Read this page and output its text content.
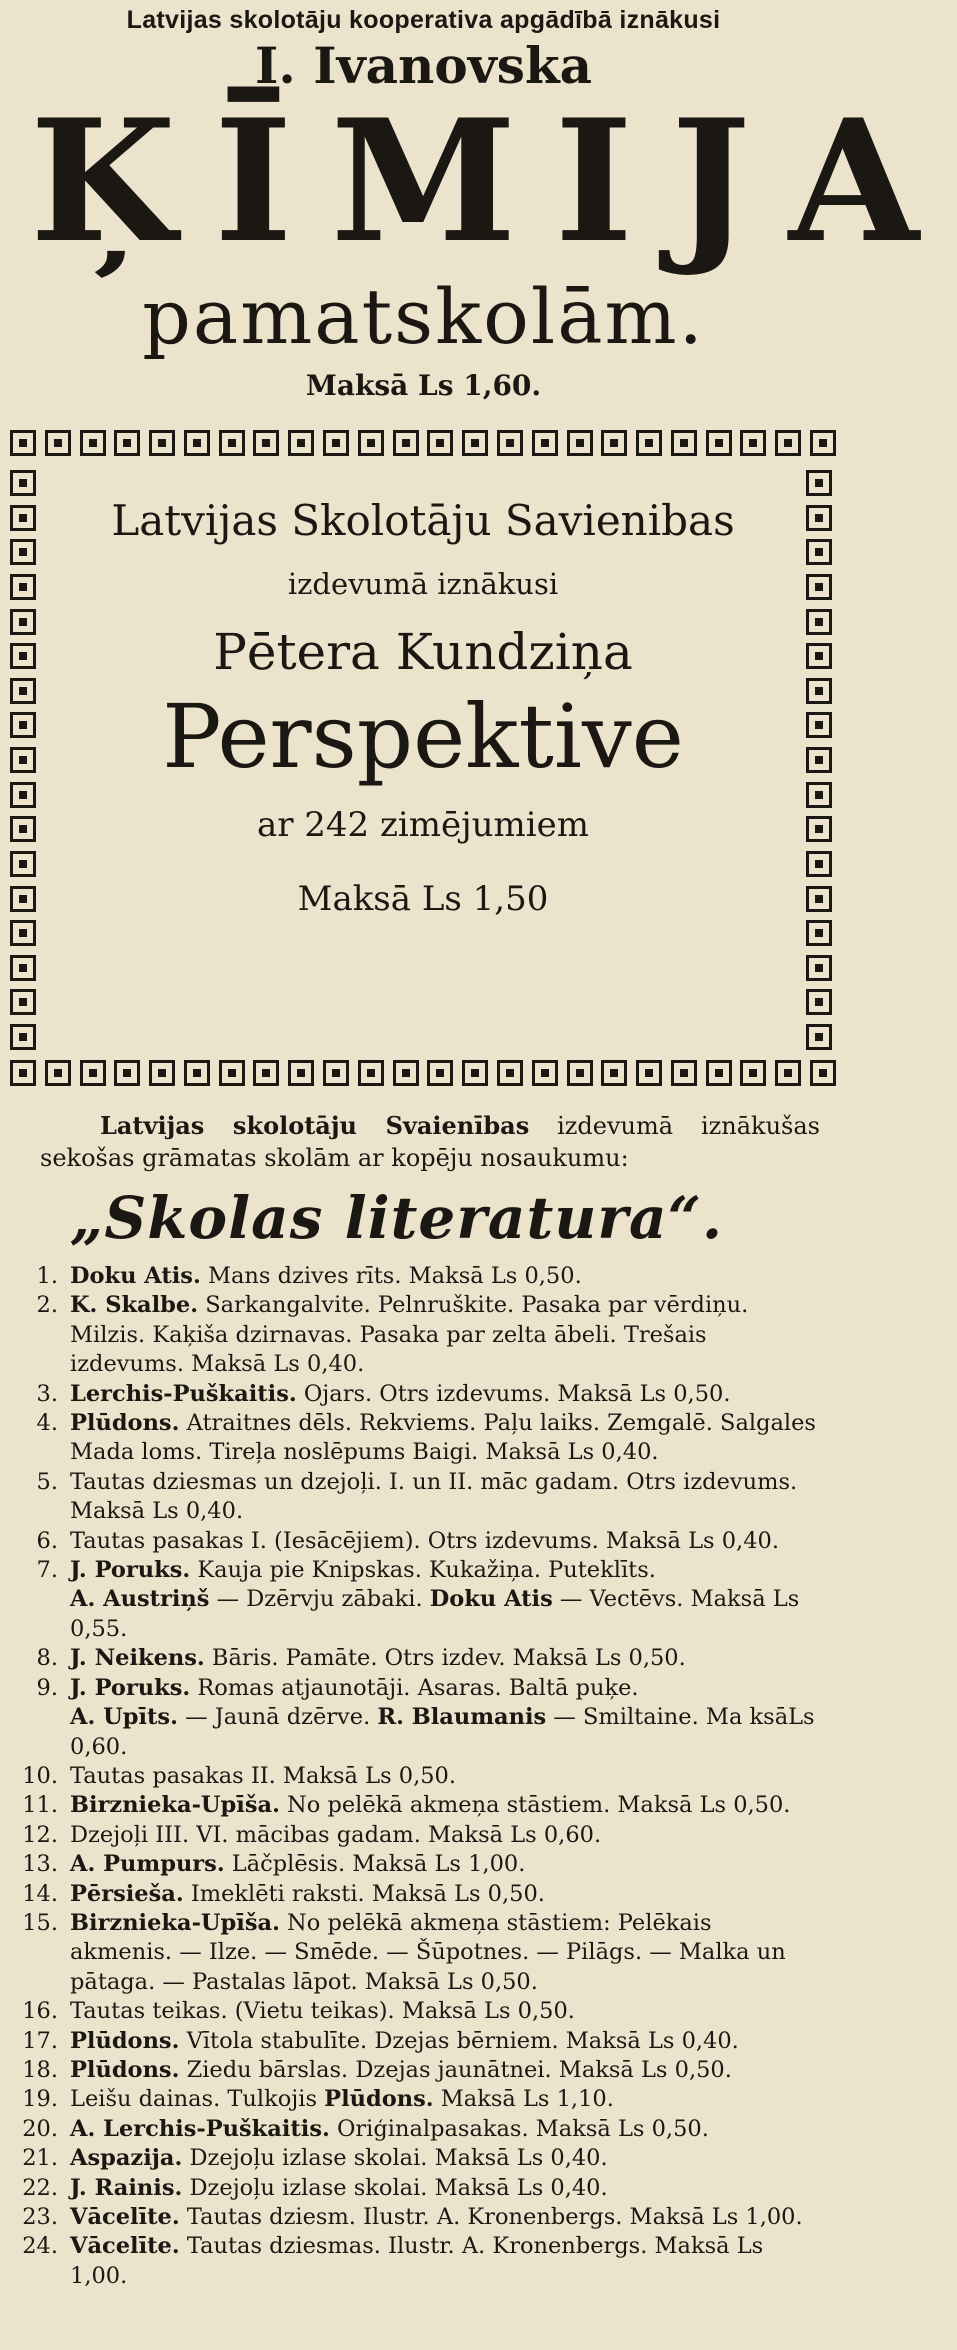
Latvijas skolotāju kooperativa apgādībā iznākusi
I. Ivanovska
ĶĪMIJA
pamatskolām.
Maksā Ls 1,60.
Latvijas Skolotāju Savienibas
izdevumā iznākusi
Pētera Kundziņa
Perspektive
ar 242 zimējumiem
Maksā Ls 1,50
Latvijas skolotāju Svaienības izdevumā iznākušas sekošas grāmatas skolām ar kopēju nosaukumu:
„Skolas literatura“.
1. Doku Atis. Mans dzives rīts. Maksā Ls 0,50.
2. K. Skalbe. Sarkangalvite. Pelnruškite. Pasaka par vērdiņu. Milzis. Kaķiša dzirnavas. Pasaka par zelta ābeli. Trešais izdevums. Maksā Ls 0,40.
3. Lerchis-Puškaitis. Ojars. Otrs izdevums. Maksā Ls 0,50.
4. Plūdons. Atraitnes dēls. Rekviems. Paļu laiks. Zemgalē. Salgales Mada loms. Tireļa noslēpums Baigi. Maksā Ls 0,40.
5. Tautas dziesmas un dzejoļi. I. un II. māc gadam. Otrs izdevums. Maksā Ls 0,40.
6. Tautas pasakas I. (Iesācējiem). Otrs izdevums. Maksā Ls 0,40.
7. J. Poruks. Kauja pie Knipskas. Kukažiņa. Puteklīts.
A. Austriņš — Dzērvju zābaki. Doku Atis — Vectēvs. Maksā Ls 0,55.
8. J. Neikens. Bāris. Pamāte. Otrs izdev. Maksā Ls 0,50.
9. J. Poruks. Romas atjaunotāji. Asaras. Baltā puķe.
A. Upīts. — Jaunā dzērve. R. Blaumanis — Smiltaine. Ma ksāLs 0,60.
10. Tautas pasakas II. Maksā Ls 0,50.
11. Birznieka-Upīša. No pelēkā akmeņa stāstiem. Maksā Ls 0,50.
12. Dzejoļi III. VI. mācibas gadam. Maksā Ls 0,60.
13. A. Pumpurs. Lāčplēsis. Maksā Ls 1,00.
14. Pērsieša. Imeklēti raksti. Maksā Ls 0,50.
15. Birznieka-Upīša. No pelēkā akmeņa stāstiem: Pelēkais akmenis. — Ilze. — Smēde. — Šūpotnes. — Pilāgs. — Malka un pātaga. — Pastalas lāpot. Maksā Ls 0,50.
16. Tautas teikas. (Vietu teikas). Maksā Ls 0,50.
17. Plūdons. Vītola stabulīte. Dzejas bērniem. Maksā Ls 0,40.
18. Plūdons. Ziedu bārslas. Dzejas jaunātnei. Maksā Ls 0,50.
19. Leišu dainas. Tulkojis Plūdons. Maksā Ls 1,10.
20. A. Lerchis-Puškaitis. Oriģinalpasakas. Maksā Ls 0,50.
21. Aspazija. Dzejoļu izlase skolai. Maksā Ls 0,40.
22. J. Rainis. Dzejoļu izlase skolai. Maksā Ls 0,40.
23. Vācelīte. Tautas dziesm. Ilustr. A. Kronenbergs. Maksā Ls 1,00.
24. Vācelīte. Tautas dziesmas. Ilustr. A. Kronenbergs. Maksā Ls 1,00.
